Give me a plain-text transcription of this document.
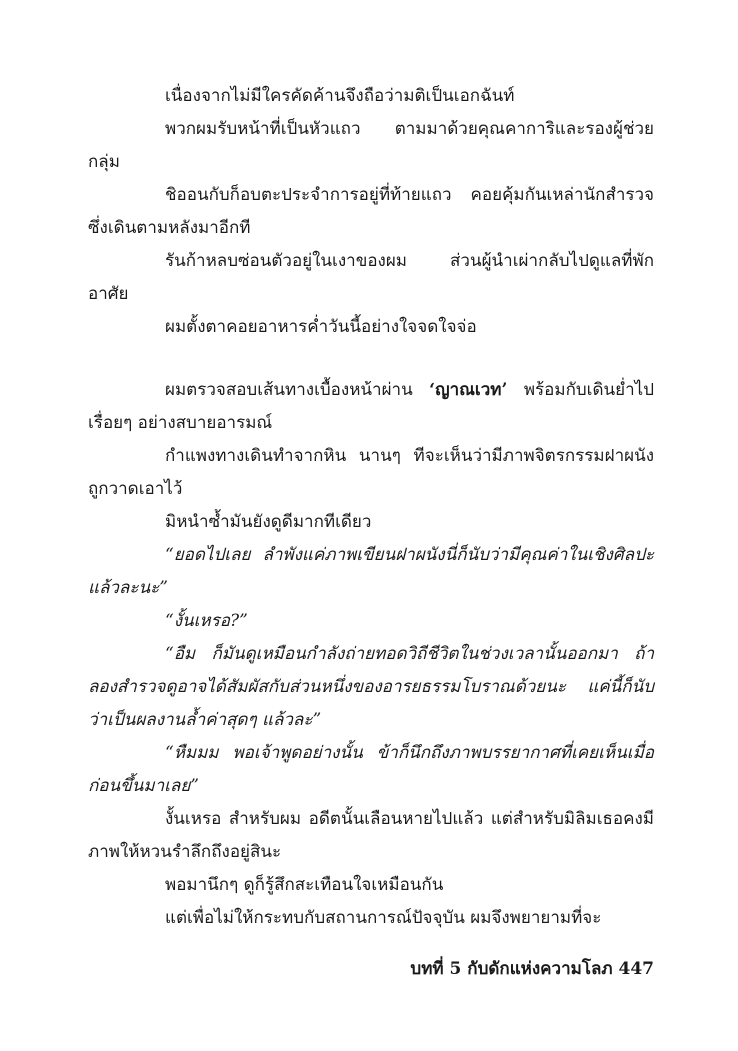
เนื่องจากไม่มีใครคัดค้านจึงถือว่ามติเป็นเอกฉันท์

พวกผมรับหน้าที่เป็นหัวแถว ตามมาด้วยคุณคาการิและรองผู้ช่วยกลุ่ม

ชิออนกับก็อบตะประจำการอยู่ที่ท้ายแถว คอยคุ้มกันเหล่านักสำรวจซึ่งเดินตามหลังมาอีกที

รันก้าหลบซ่อนตัวอยู่ในเงาของผม ส่วนผู้นำเผ่ากลับไปดูแลที่พักอาศัย

ผมตั้งตาคอยอาหารค่ำวันนี้อย่างใจจดใจจ่อ

ผมตรวจสอบเส้นทางเบื้องหน้าผ่าน ‘ญาณเวท’ พร้อมกับเดินย่ำไปเรื่อยๆ อย่างสบายอารมณ์

กำแพงทางเดินทำจากหิน นานๆ ทีจะเห็นว่ามีภาพจิตรกรรมฝาผนังถูกวาดเอาไว้

มิหนำซ้ำมันยังดูดีมากทีเดียว

“ยอดไปเลย ลำพังแค่ภาพเขียนฝาผนังนี่ก็นับว่ามีคุณค่าในเชิงศิลปะแล้วละนะ”

“งั้นเหรอ?”

“อืม ก็มันดูเหมือนกำลังถ่ายทอดวิถีชีวิตในช่วงเวลานั้นออกมา ถ้าลองสำรวจดูอาจได้สัมผัสกับส่วนหนึ่งของอารยธรรมโบราณด้วยนะ แค่นี้ก็นับว่าเป็นผลงานล้ำค่าสุดๆ แล้วละ”

“หืมมม พอเจ้าพูดอย่างนั้น ข้าก็นึกถึงภาพบรรยากาศที่เคยเห็นเมื่อก่อนขึ้นมาเลย”

งั้นเหรอ สำหรับผม อดีตนั้นเลือนหายไปแล้ว แต่สำหรับมิลิมเธอคงมีภาพให้หวนรำลึกถึงอยู่สินะ

พอมานึกๆ ดูก็รู้สึกสะเทือนใจเหมือนกัน

แต่เพื่อไม่ให้กระทบกับสถานการณ์ปัจจุบัน ผมจึงพยายามที่จะ

บทที่ 5 กับดักแห่งความโลภ 447
